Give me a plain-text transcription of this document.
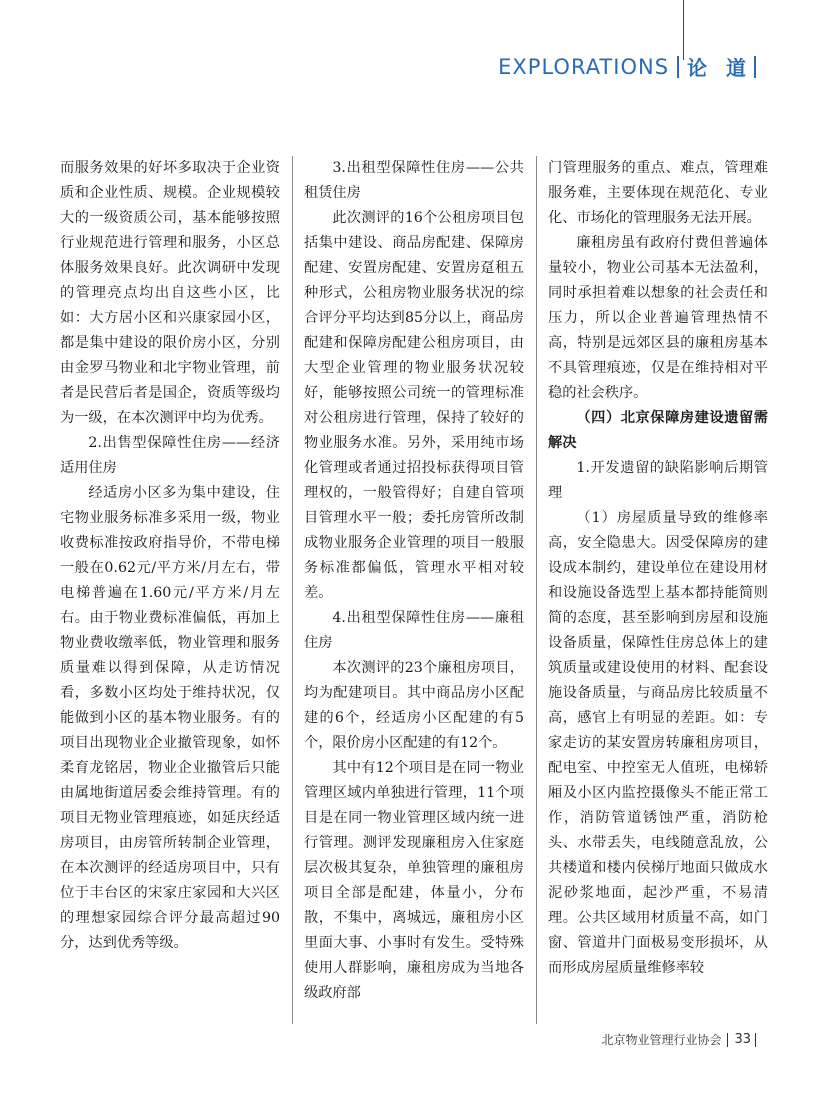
EXPLORATIONS 论 道

而服务效果的好坏多取决于企业资质和企业性质、规模。企业规模较大的一级资质公司，基本能够按照行业规范进行管理和服务，小区总体服务效果良好。此次调研中发现的管理亮点均出自这些小区，比如：大方居小区和兴康家园小区，都是集中建设的限价房小区，分别由金罗马物业和北宇物业管理，前者是民营后者是国企，资质等级均为一级，在本次测评中均为优秀。

2.出售型保障性住房——经济适用住房

经适房小区多为集中建设，住宅物业服务标准多采用一级，物业收费标准按政府指导价，不带电梯一般在0.62元/平方米/月左右，带电梯普遍在1.60元/平方米/月左右。由于物业费标准偏低，再加上物业费收缴率低，物业管理和服务质量难以得到保障，从走访情况看，多数小区均处于维持状况，仅能做到小区的基本物业服务。有的项目出现物业企业撤管现象，如怀柔育龙铭居，物业企业撤管后只能由属地街道居委会维持管理。有的项目无物业管理痕迹，如延庆经适房项目，由房管所转制企业管理，在本次测评的经适房项目中，只有位于丰台区的宋家庄家园和大兴区的理想家园综合评分最高超过90分，达到优秀等级。

3.出租型保障性住房——公共租赁住房

此次测评的16个公租房项目包括集中建设、商品房配建、保障房配建、安置房配建、安置房趸租五种形式，公租房物业服务状况的综合评分平均达到85分以上，商品房配建和保障房配建公租房项目，由大型企业管理的物业服务状况较好，能够按照公司统一的管理标准对公租房进行管理，保持了较好的物业服务水准。另外，采用纯市场化管理或者通过招投标获得项目管理权的，一般管得好；自建自管项目管理水平一般；委托房管所改制成物业服务企业管理的项目一般服务标准都偏低，管理水平相对较差。

4.出租型保障性住房——廉租住房

本次测评的23个廉租房项目，均为配建项目。其中商品房小区配建的6个，经适房小区配建的有5个，限价房小区配建的有12个。

其中有12个项目是在同一物业管理区域内单独进行管理，11个项目是在同一物业管理区域内统一进行管理。测评发现廉租房入住家庭层次极其复杂，单独管理的廉租房项目全部是配建，体量小，分布散，不集中，离城远，廉租房小区里面大事、小事时有发生。受特殊使用人群影响，廉租房成为当地各级政府部

门管理服务的重点、难点，管理难服务难，主要体现在规范化、专业化、市场化的管理服务无法开展。

廉租房虽有政府付费但普遍体量较小，物业公司基本无法盈利，同时承担着难以想象的社会责任和压力，所以企业普遍管理热情不高，特别是远郊区县的廉租房基本不具管理痕迹，仅是在维持相对平稳的社会秩序。

（四）北京保障房建设遗留需解决

1.开发遗留的缺陷影响后期管理

（1）房屋质量导致的维修率高，安全隐患大。因受保障房的建设成本制约，建设单位在建设用材和设施设备选型上基本都持能简则简的态度，甚至影响到房屋和设施设备质量，保障性住房总体上的建筑质量或建设使用的材料、配套设施设备质量，与商品房比较质量不高，感官上有明显的差距。如：专家走访的某安置房转廉租房项目，配电室、中控室无人值班，电梯轿厢及小区内监控摄像头不能正常工作，消防管道锈蚀严重，消防枪头、水带丢失，电线随意乱放，公共楼道和楼内侯梯厅地面只做成水泥砂浆地面，起沙严重，不易清理。公共区域用材质量不高，如门窗、管道井门面极易变形损坏，从而形成房屋质量维修率较

北京物业管理行业协会 33
